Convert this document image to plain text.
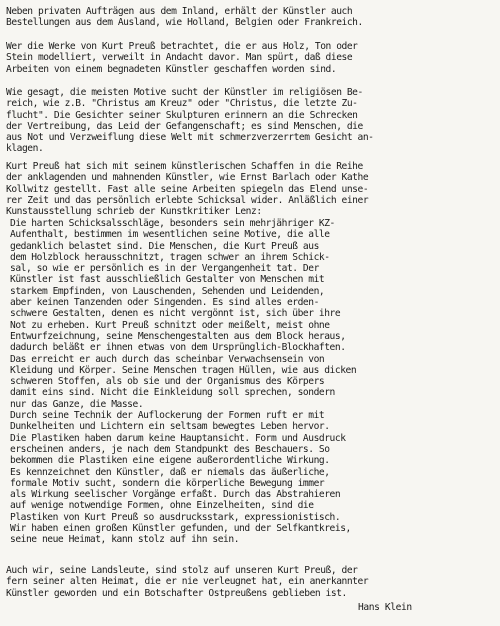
Neben privaten Aufträgen aus dem Inland, erhält der Künstler auch
Bestellungen aus dem Ausland, wie Holland, Belgien oder Frankreich.

Wer die Werke von Kurt Preuß betrachtet, die er aus Holz, Ton oder
Stein modelliert, verweilt in Andacht davor. Man spürt, daß diese
Arbeiten von einem begnadeten Künstler geschaffen worden sind.

Wie gesagt, die meisten Motive sucht der Künstler im religiösen Be-
reich, wie z.B. "Christus am Kreuz" oder "Christus, die letzte Zu-
flucht". Die Gesichter seiner Skulpturen erinnern an die Schrecken
der Vertreibung, das Leid der Gefangenschaft; es sind Menschen, die
aus Not und Verzweiflung diese Welt mit schmerzverzerrtem Gesicht an-
klagen.

Kurt Preuß hat sich mit seinem künstlerischen Schaffen in die Reihe
der anklagenden und mahnenden Künstler, wie Ernst Barlach oder Kathe
Kollwitz gestellt. Fast alle seine Arbeiten spiegeln das Elend unse-
rer Zeit und das persönlich erlebte Schicksal wider. Anläßlich einer
Kunstausstellung schrieb der Kunstkritiker Lenz:

Die harten Schicksalsschläge, besonders sein mehrjähriger KZ-
Aufenthalt, bestimmen im wesentlichen seine Motive, die alle
gedanklich belastet sind. Die Menschen, die Kurt Preuß aus
dem Holzblock herausschnitzt, tragen schwer an ihrem Schick-
sal, so wie er persönlich es in der Vergangenheit tat. Der
Künstler ist fast ausschließlich Gestalter von Menschen mit
starkem Empfinden, von Lauschenden, Sehenden und Leidenden,
aber keinen Tanzenden oder Singenden. Es sind alles erden-
schwere Gestalten, denen es nicht vergönnt ist, sich über ihre
Not zu erheben. Kurt Preuß schnitzt oder meißelt, meist ohne
Entwurfzeichnung, seine Menschengestalten aus dem Block heraus,
dadurch beläßt er ihnen etwas von dem Ursprünglich-Blockhaften.
Das erreicht er auch durch das scheinbar Verwachsensein von
Kleidung und Körper. Seine Menschen tragen Hüllen, wie aus dicken
schweren Stoffen, als ob sie und der Organismus des Körpers
damit eins sind. Nicht die Einkleidung soll sprechen, sondern
nur das Ganze, die Masse.
Durch seine Technik der Auflockerung der Formen ruft er mit
Dunkelheiten und Lichtern ein seltsam bewegtes Leben hervor.
Die Plastiken haben darum keine Hauptansicht. Form und Ausdruck
erscheinen anders, je nach dem Standpunkt des Beschauers. So
bekommen die Plastiken eine eigene außerordentliche Wirkung.
Es kennzeichnet den Künstler, daß er niemals das äußerliche,
formale Motiv sucht, sondern die körperliche Bewegung immer
als Wirkung seelischer Vorgänge erfaßt. Durch das Abstrahieren
auf wenige notwendige Formen, ohne Einzelheiten, sind die
Plastiken von Kurt Preuß so ausdrucksstark, expressionistisch.
Wir haben einen großen Künstler gefunden, und der Selfkantkreis,
seine neue Heimat, kann stolz auf ihn sein.

Auch wir, seine Landsleute, sind stolz auf unseren Kurt Preuß, der
fern seiner alten Heimat, die er nie verleugnet hat, ein anerkannter
Künstler geworden und ein Botschafter Ostpreußens geblieben ist.

Hans Klein
